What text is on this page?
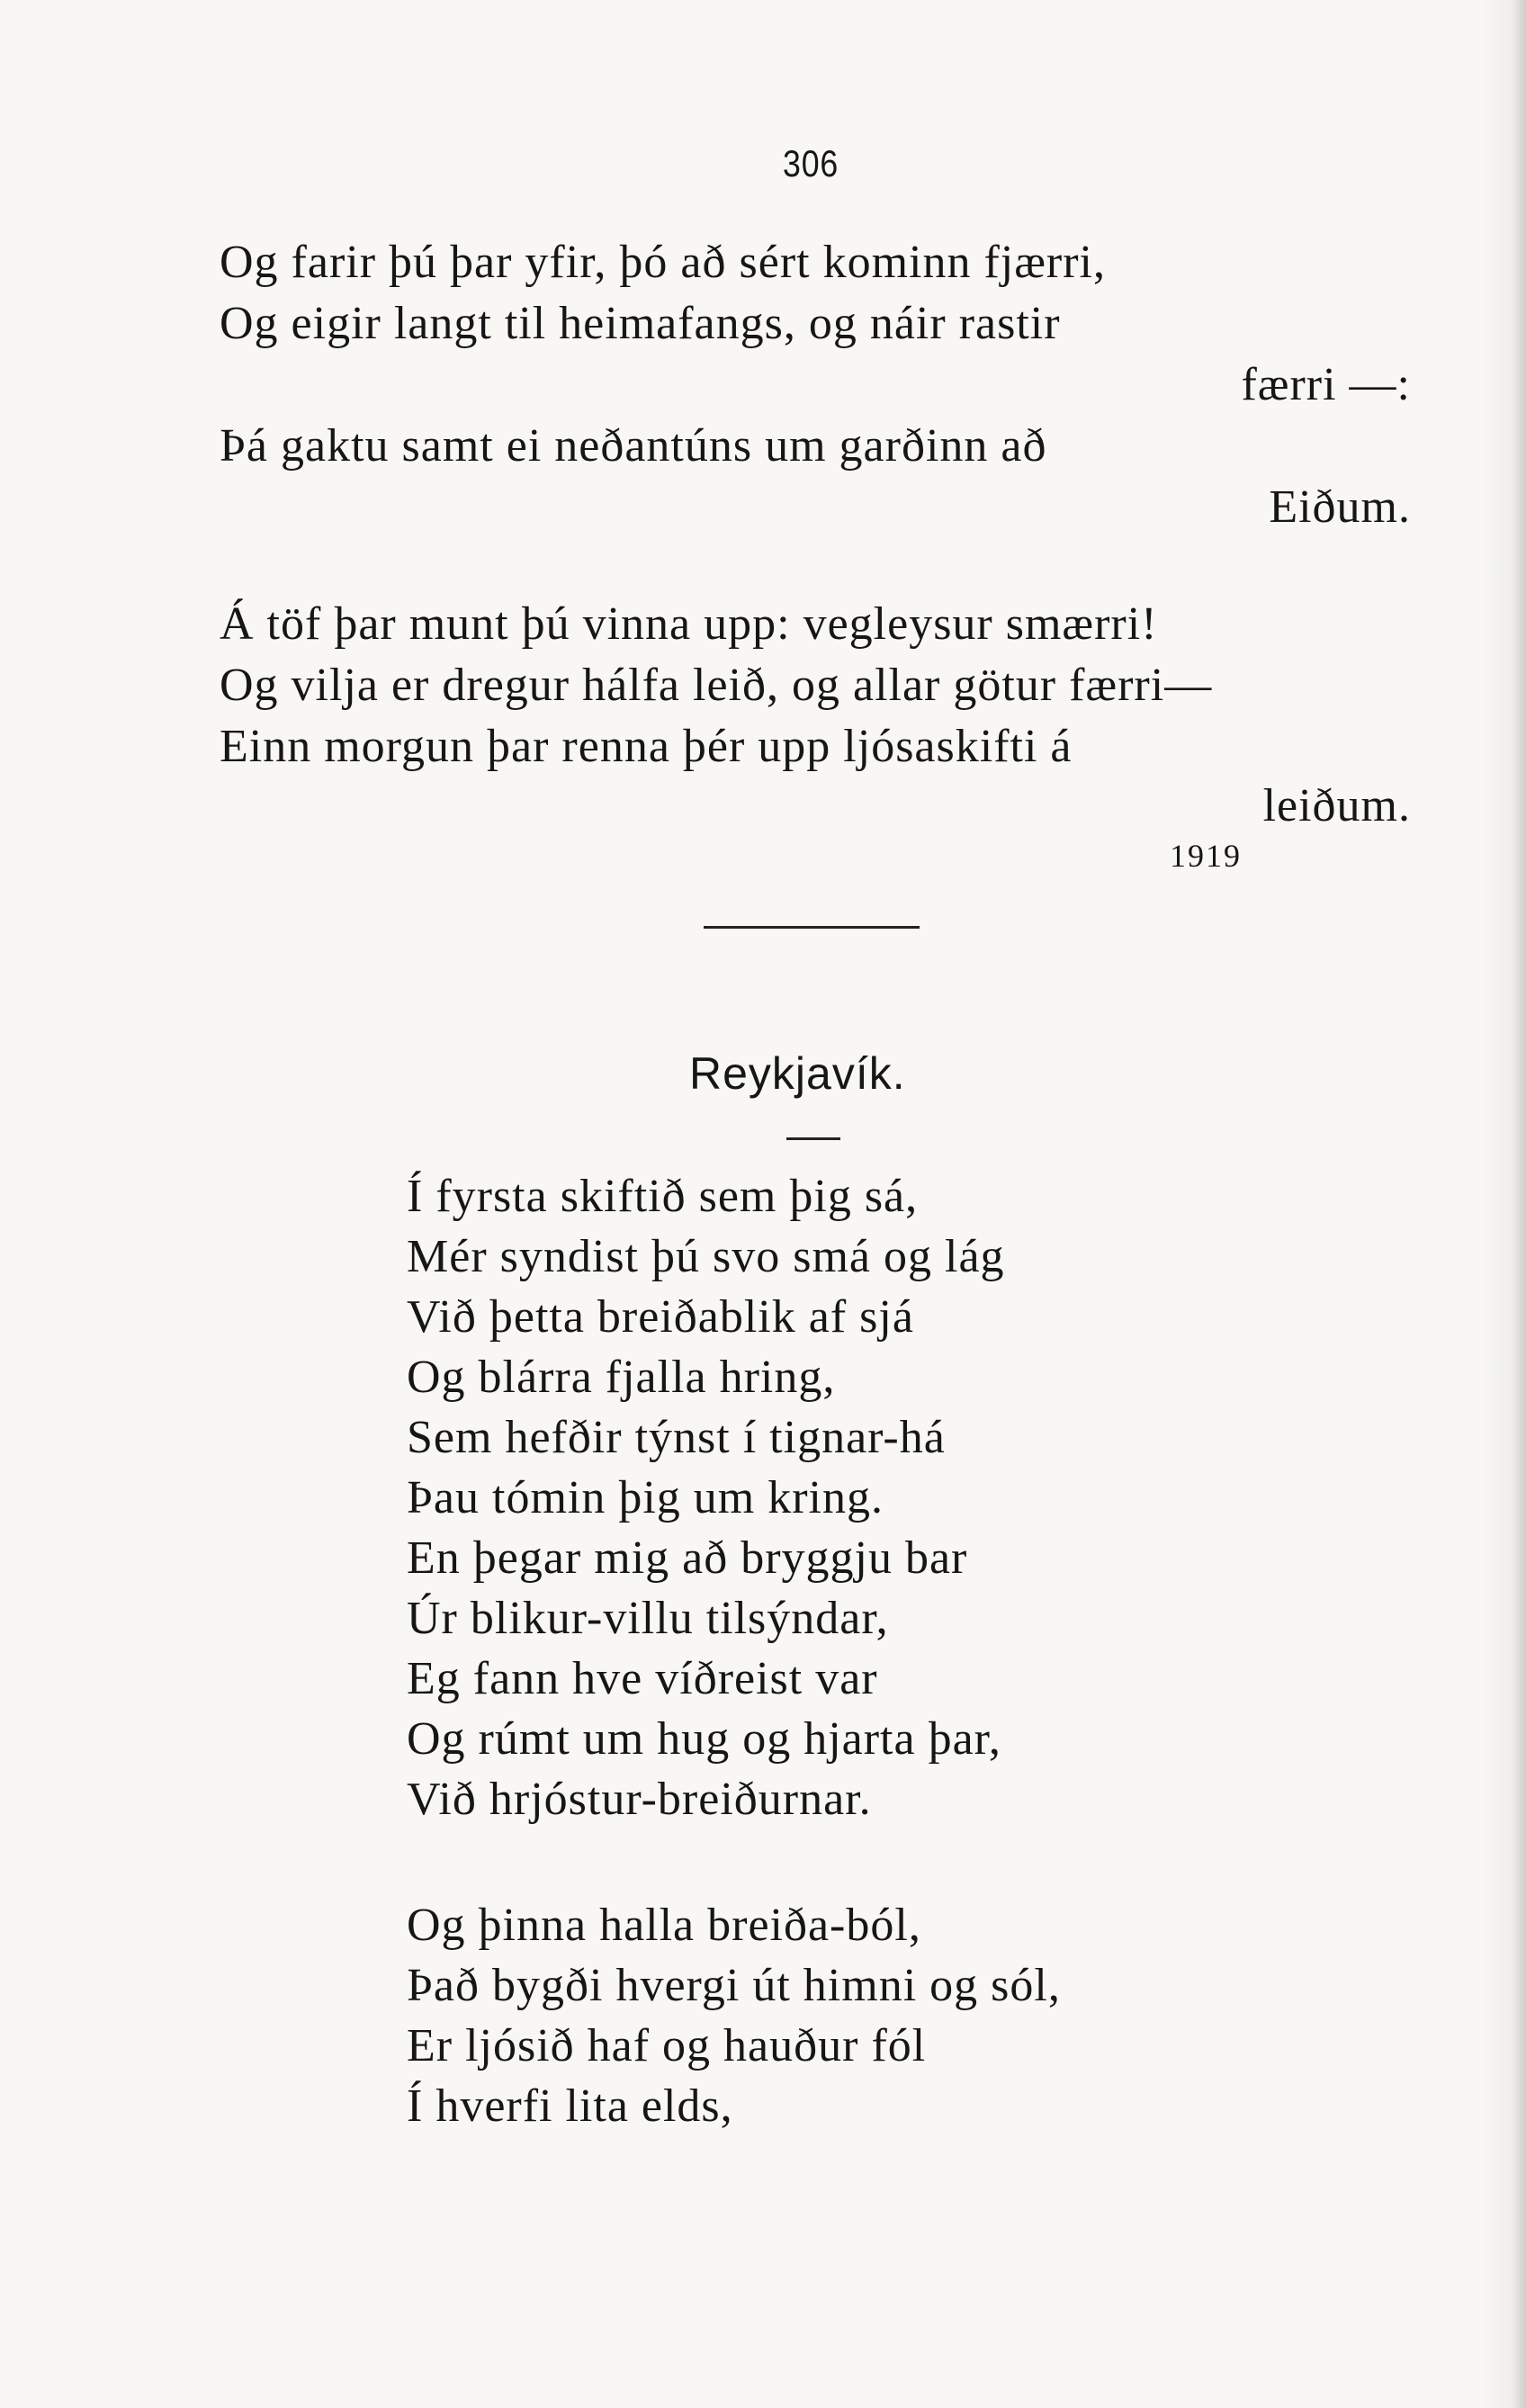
306
Og farir þú þar yfir, þó að sért kominn fjærri,
Og eigir langt til heimafangs, og náir rastir
færri —:
Þá gaktu samt ei neðantúns um garðinn að
Eiðum.
Á töf þar munt þú vinna upp: vegleysur smærri!
Og vilja er dregur hálfa leið, og allar götur færri—
Einn morgun þar renna þér upp ljósaskifti á
leiðum.
1919
Reykjavík.
Í fyrsta skiftið sem þig sá,
Mér syndist þú svo smá og lág
Við þetta breiðablik af sjá
Og blárra fjalla hring,
Sem hefðir týnst í tignar-há
Þau tómin þig um kring.
En þegar mig að bryggju bar
Úr blikur-villu tilsýndar,
Eg fann hve víðreist var
Og rúmt um hug og hjarta þar,
Við hrjóstur-breiðurnar.
Og þinna halla breiða-ból,
Það bygði hvergi út himni og sól,
Er ljósið haf og hauður fól
Í hverfi lita elds,
